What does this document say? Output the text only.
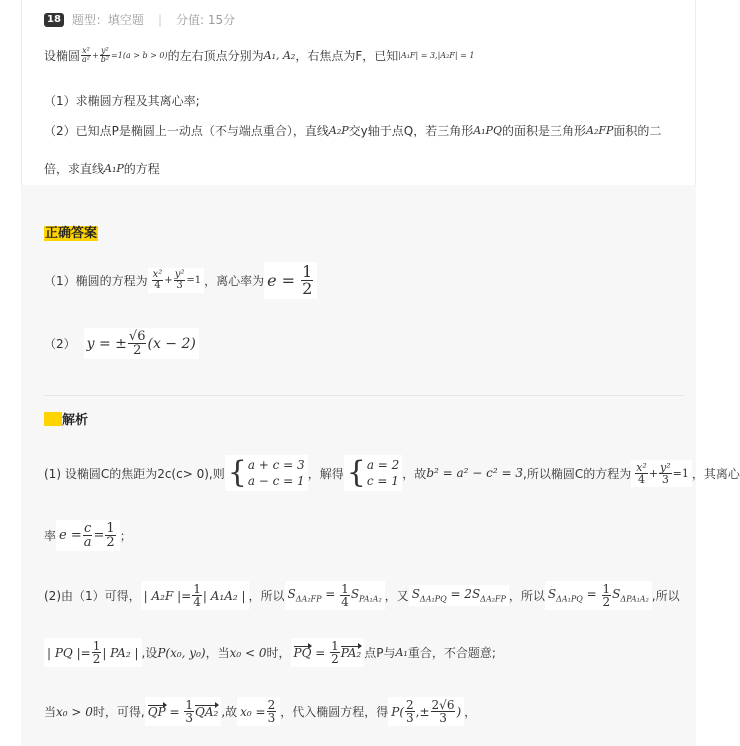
18 题型：填空题 | 分值: 15分
设椭圆 $\frac{\text{x²}}{\text{a²}} + \frac{\text{y²}}{\text{b²}} =1(a > b > 0)$ 的左右顶点分别为 A₁, A₂ ，右焦点为F，已知 |A₁F| = 3,|A₂F| = 1
（1）求椭圆方程及其离心率;
（2）已知点P是椭圆上一动点（不与端点重合），直线 A₂P 交y轴于点Q，若三角形 A₁PQ 的面积是三角形 A₂FP 面积的二
倍，求直线 A₁P 的方程
正确答案
（1）椭圆的方程为 $\frac{\text{x²}}{4} + \frac{\text{y²}}{3} =1$ ，离心率为 $e = \frac{1}{2}$
（2） y = ± $\frac{√6}{2} (x - 2)$
解析
(1) 设椭圆C的焦距为2c(c> 0),则 { a + c = 3
a − c = 1
，解得 { a = 2
c = 1
，故 b² = a² − c² = 3 ,所以椭圆C的方程为 $\frac{\text{x²}}{4} + \frac{\text{y²}}{3} =1$ ，其离心
率 $e = \frac{c}{a} = \frac{1}{2}$ ；
(2)由（1）可得， | A₂F |= $\frac{1}{4}$ | A₁A₂ | ，所以 $S_{\Delta A_2FP} = \frac{1}{4} S_{PA_1A_2}$ ，又 $S_{\Delta A_1PQ} = 2S_{\Delta A_2FP}$ ，所以 $S_{\Delta A_1PQ} = \frac{1}{2} S_{\Delta PA_1A_2}$ ,所以
| PQ |= $\frac{1}{2}$ | PA₂ | ,设 P(x₀, y₀) ，当 x₀ < 0 时， PQ = $\frac{1}{2} PA_2$ 点P与 A₁ 重合，不合题意;
当 x₀ > 0 时，可得, QP = $\frac{1}{3} QA_2$ ,故 $x_0 = \frac{2}{3}$ ，代入椭圆方程，得 $P( \frac{2}{3}$ ,± $\frac{2√6}{3}$ ) ，
